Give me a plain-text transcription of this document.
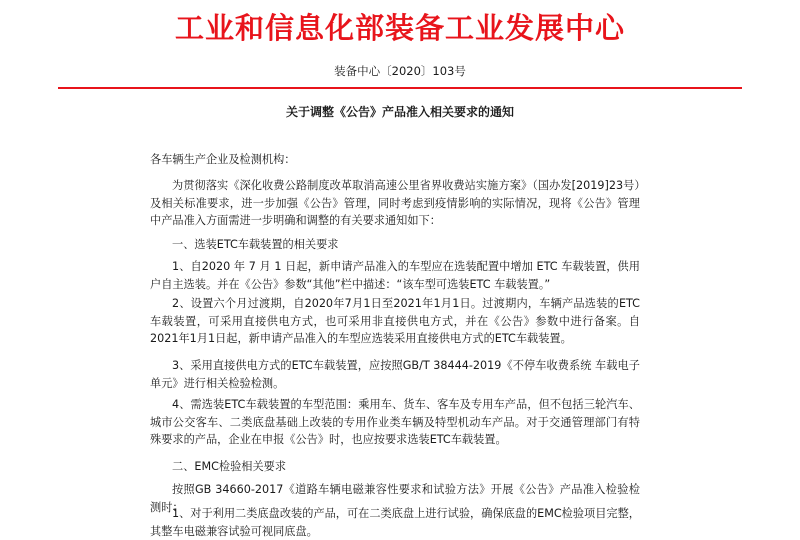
工业和信息化部装备工业发展中心
装备中心〔2020〕103号
关于调整《公告》产品准入相关要求的通知

各车辆生产企业及检测机构：

为贯彻落实《深化收费公路制度改革取消高速公里省界收费站实施方案》（国办发[2019]23号）及相关标准要求，进一步加强《公告》管理，同时考虑到疫情影响的实际情况，现将《公告》管理中产品准入方面需进一步明确和调整的有关要求通知如下：

一、选装ETC车载装置的相关要求

1、自2020 年 7 月 1 日起，新申请产品准入的车型应在选装配置中增加 ETC 车载装置，供用户自主选装。并在《公告》参数“其他”栏中描述：“该车型可选装ETC 车载装置。”

2、设置六个月过渡期，自2020年7月1日至2021年1月1日。过渡期内，车辆产品选装的ETC车载装置，可采用直接供电方式，也可采用非直接供电方式，并在《公告》参数中进行备案。自2021年1月1日起，新申请产品准入的车型应选装采用直接供电方式的ETC车载装置。

3、采用直接供电方式的ETC车载装置，应按照GB/T 38444-2019《不停车收费系统 车载电子单元》进行相关检验检测。

4、需选装ETC车载装置的车型范围：乘用车、货车、客车及专用车产品，但不包括三轮汽车、城市公交客车、二类底盘基础上改装的专用作业类车辆及特型机动车产品。对于交通管理部门有特殊要求的产品，企业在申报《公告》时，也应按要求选装ETC车载装置。

二、EMC检验相关要求

按照GB 34660-2017《道路车辆电磁兼容性要求和试验方法》开展《公告》产品准入检验检测时：

1、对于利用二类底盘改装的产品，可在二类底盘上进行试验，确保底盘的EMC检验项目完整，其整车电磁兼容试验可视同底盘。
